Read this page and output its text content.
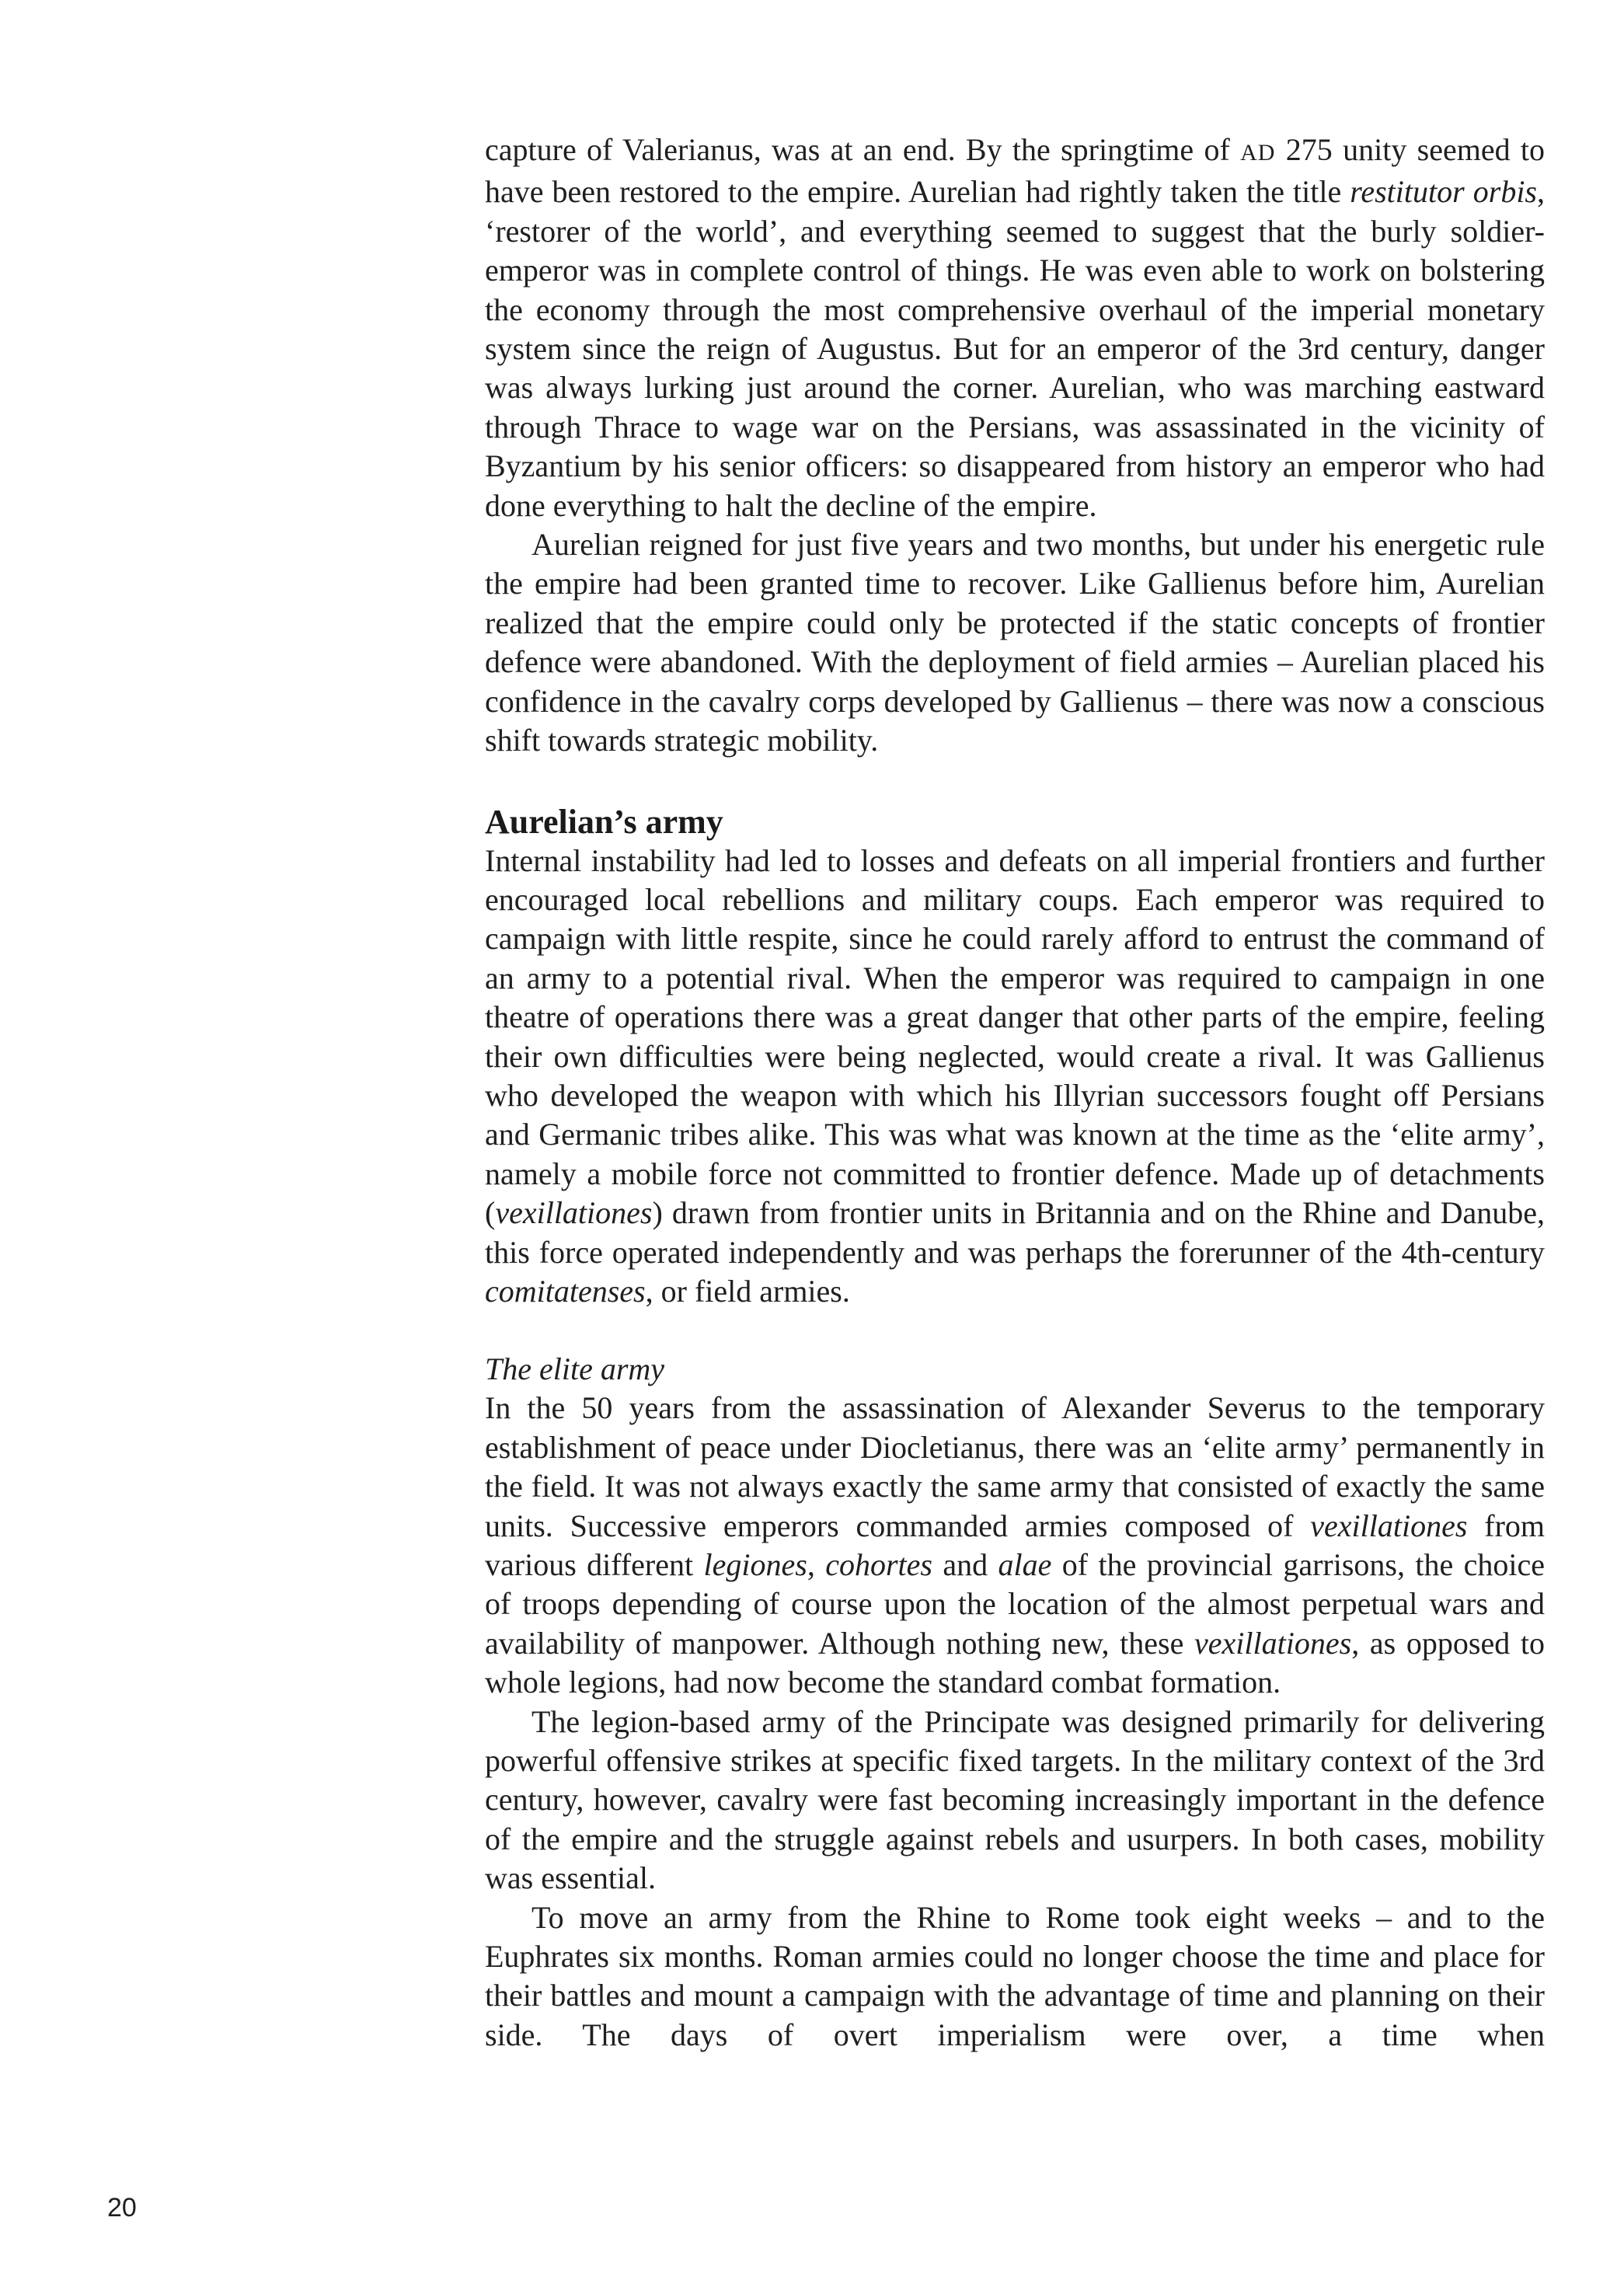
capture of Valerianus, was at an end. By the springtime of AD 275 unity seemed to have been restored to the empire. Aurelian had rightly taken the title restitutor orbis, ‘restorer of the world’, and everything seemed to suggest that the burly soldier-emperor was in complete control of things. He was even able to work on bolstering the economy through the most comprehensive overhaul of the imperial monetary system since the reign of Augustus. But for an emperor of the 3rd century, danger was always lurking just around the corner. Aurelian, who was marching eastward through Thrace to wage war on the Persians, was assassinated in the vicinity of Byzantium by his senior officers: so disappeared from history an emperor who had done everything to halt the decline of the empire.

Aurelian reigned for just five years and two months, but under his energetic rule the empire had been granted time to recover. Like Gallienus before him, Aurelian realized that the empire could only be protected if the static concepts of frontier defence were abandoned. With the deployment of field armies – Aurelian placed his confidence in the cavalry corps developed by Gallienus – there was now a conscious shift towards strategic mobility.

Aurelian’s army

Internal instability had led to losses and defeats on all imperial frontiers and further encouraged local rebellions and military coups. Each emperor was required to campaign with little respite, since he could rarely afford to entrust the command of an army to a potential rival. When the emperor was required to campaign in one theatre of operations there was a great danger that other parts of the empire, feeling their own difficulties were being neglected, would create a rival. It was Gallienus who developed the weapon with which his Illyrian successors fought off Persians and Germanic tribes alike. This was what was known at the time as the ‘elite army’, namely a mobile force not committed to frontier defence. Made up of detachments (vexillationes) drawn from frontier units in Britannia and on the Rhine and Danube, this force operated independently and was perhaps the forerunner of the 4th-century comitatenses, or field armies.

The elite army

In the 50 years from the assassination of Alexander Severus to the temporary establishment of peace under Diocletianus, there was an ‘elite army’ permanently in the field. It was not always exactly the same army that consisted of exactly the same units. Successive emperors commanded armies composed of vexillationes from various different legiones, cohortes and alae of the provincial garrisons, the choice of troops depending of course upon the location of the almost perpetual wars and availability of manpower. Although nothing new, these vexillationes, as opposed to whole legions, had now become the standard combat formation.

The legion-based army of the Principate was designed primarily for delivering powerful offensive strikes at specific fixed targets. In the military context of the 3rd century, however, cavalry were fast becoming increasingly important in the defence of the empire and the struggle against rebels and usurpers. In both cases, mobility was essential.

To move an army from the Rhine to Rome took eight weeks – and to the Euphrates six months. Roman armies could no longer choose the time and place for their battles and mount a campaign with the advantage of time and planning on their side. The days of overt imperialism were over, a time when

20
